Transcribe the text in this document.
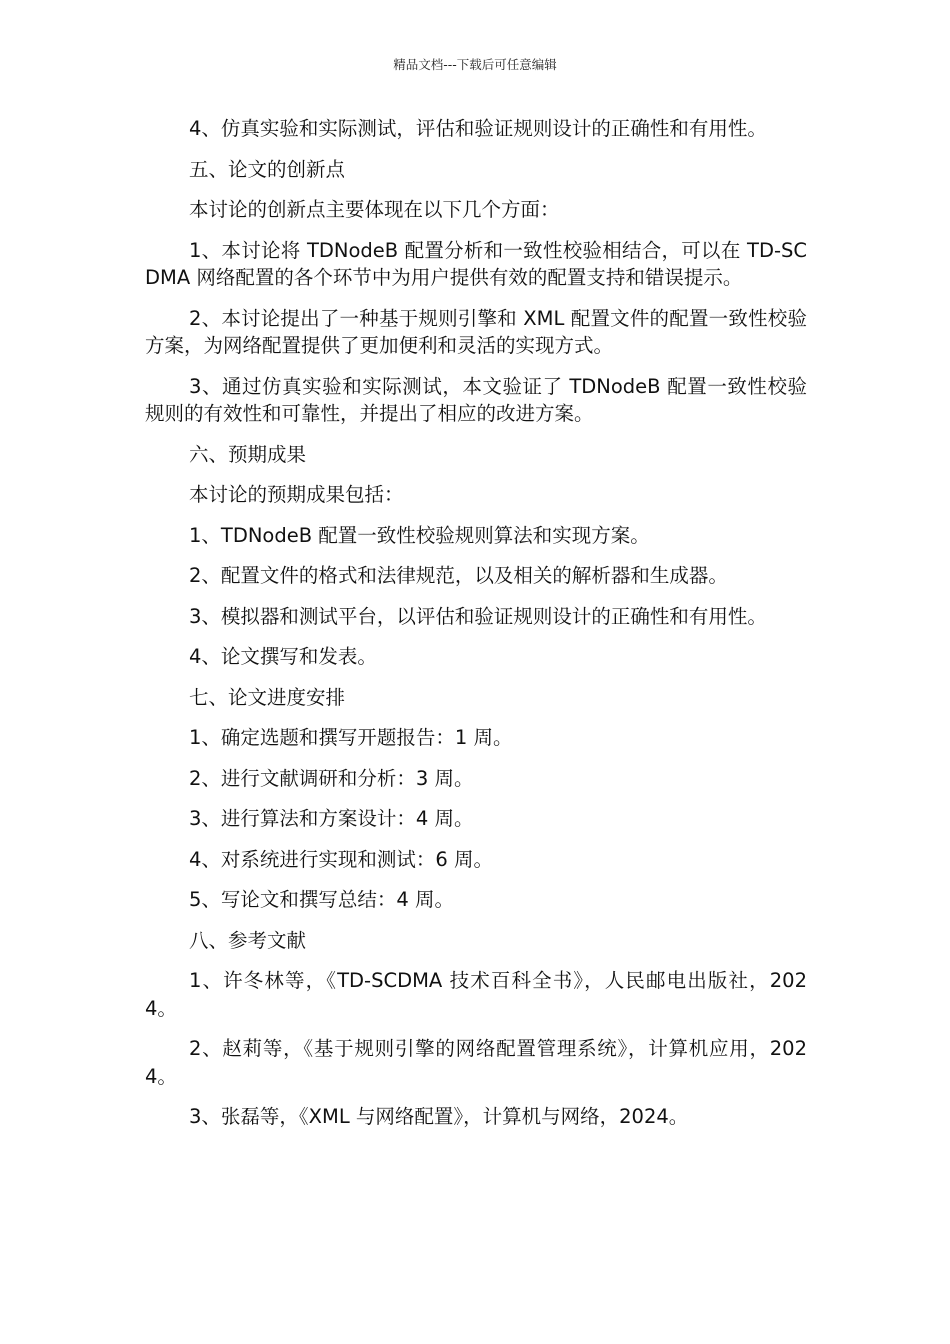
精品文档---下载后可任意编辑

4、仿真实验和实际测试，评估和验证规则设计的正确性和有用性。

五、论文的创新点

本讨论的创新点主要体现在以下几个方面：

1、本讨论将 TDNodeB 配置分析和一致性校验相结合，可以在 TD-SCDMA 网络配置的各个环节中为用户提供有效的配置支持和错误提示。

2、本讨论提出了一种基于规则引擎和 XML 配置文件的配置一致性校验方案，为网络配置提供了更加便利和灵活的实现方式。

3、通过仿真实验和实际测试，本文验证了 TDNodeB 配置一致性校验规则的有效性和可靠性，并提出了相应的改进方案。

六、预期成果

本讨论的预期成果包括：

1、TDNodeB 配置一致性校验规则算法和实现方案。

2、配置文件的格式和法律规范，以及相关的解析器和生成器。

3、模拟器和测试平台，以评估和验证规则设计的正确性和有用性。

4、论文撰写和发表。

七、论文进度安排

1、确定选题和撰写开题报告：1 周。

2、进行文献调研和分析：3 周。

3、进行算法和方案设计：4 周。

4、对系统进行实现和测试：6 周。

5、写论文和撰写总结：4 周。

八、参考文献

1、许冬林等，《TD-SCDMA 技术百科全书》，人民邮电出版社，2024。

2、赵莉等，《基于规则引擎的网络配置管理系统》，计算机应用，2024。

3、张磊等，《XML 与网络配置》，计算机与网络，2024。
